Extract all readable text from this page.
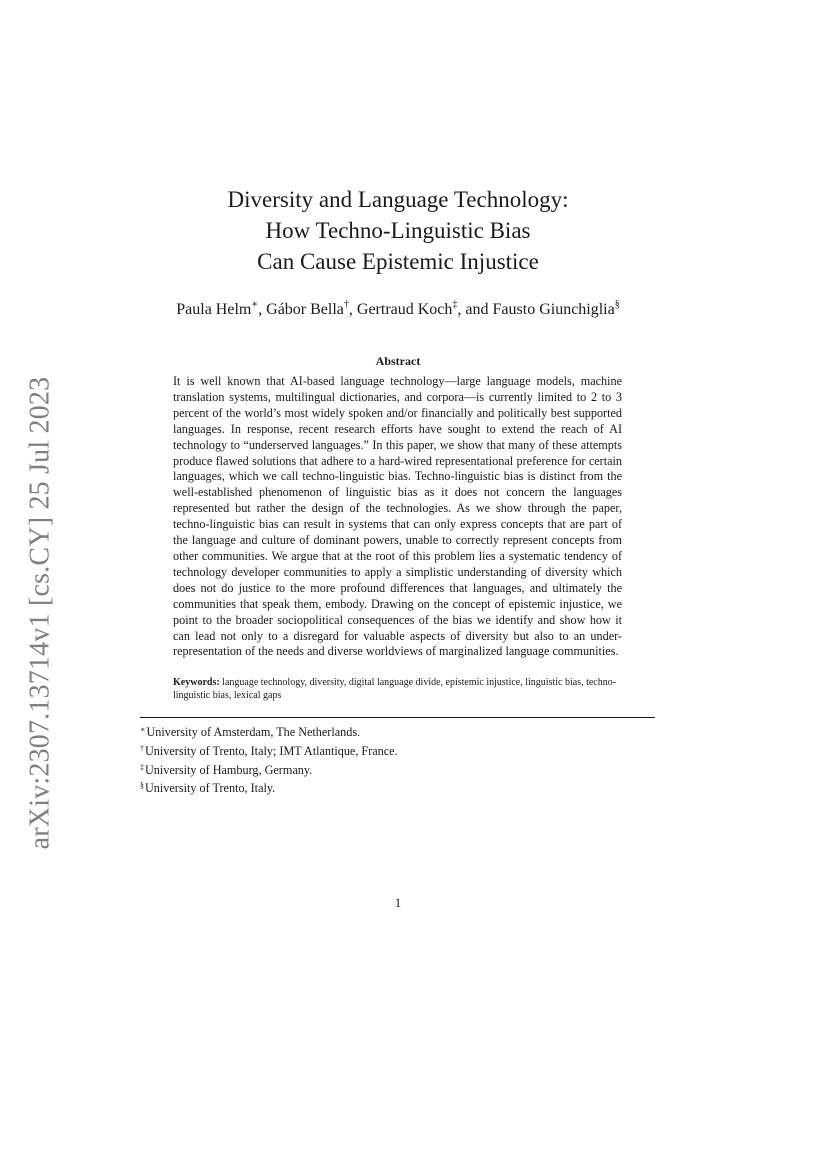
arXiv:2307.13714v1 [cs.CY] 25 Jul 2023
Diversity and Language Technology:
How Techno-Linguistic Bias
Can Cause Epistemic Injustice
Paula Helm∗, Gábor Bella†, Gertraud Koch‡, and Fausto Giunchiglia§
Abstract
It is well known that AI-based language technology—large language models, machine translation systems, multilingual dictionaries, and corpora—is currently limited to 2 to 3 percent of the world’s most widely spoken and/or financially and politically best supported languages. In response, recent research efforts have sought to extend the reach of AI technology to “underserved languages.” In this paper, we show that many of these attempts produce flawed solutions that adhere to a hard-wired representational preference for certain languages, which we call techno-linguistic bias. Techno-linguistic bias is distinct from the well-established phenomenon of linguistic bias as it does not concern the languages represented but rather the design of the technologies. As we show through the paper, techno-linguistic bias can result in systems that can only express concepts that are part of the language and culture of dominant powers, unable to correctly represent concepts from other communities. We argue that at the root of this problem lies a systematic tendency of technology developer communities to apply a simplistic understanding of diversity which does not do justice to the more profound differences that languages, and ultimately the communities that speak them, embody. Drawing on the concept of epistemic injustice, we point to the broader sociopolitical consequences of the bias we identify and show how it can lead not only to a disregard for valuable aspects of diversity but also to an under-representation of the needs and diverse worldviews of marginalized language communities.
Keywords: language technology, diversity, digital language divide, epistemic injustice, linguistic bias, techno-linguistic bias, lexical gaps
∗University of Amsterdam, The Netherlands.
†University of Trento, Italy; IMT Atlantique, France.
‡University of Hamburg, Germany.
§University of Trento, Italy.
1
